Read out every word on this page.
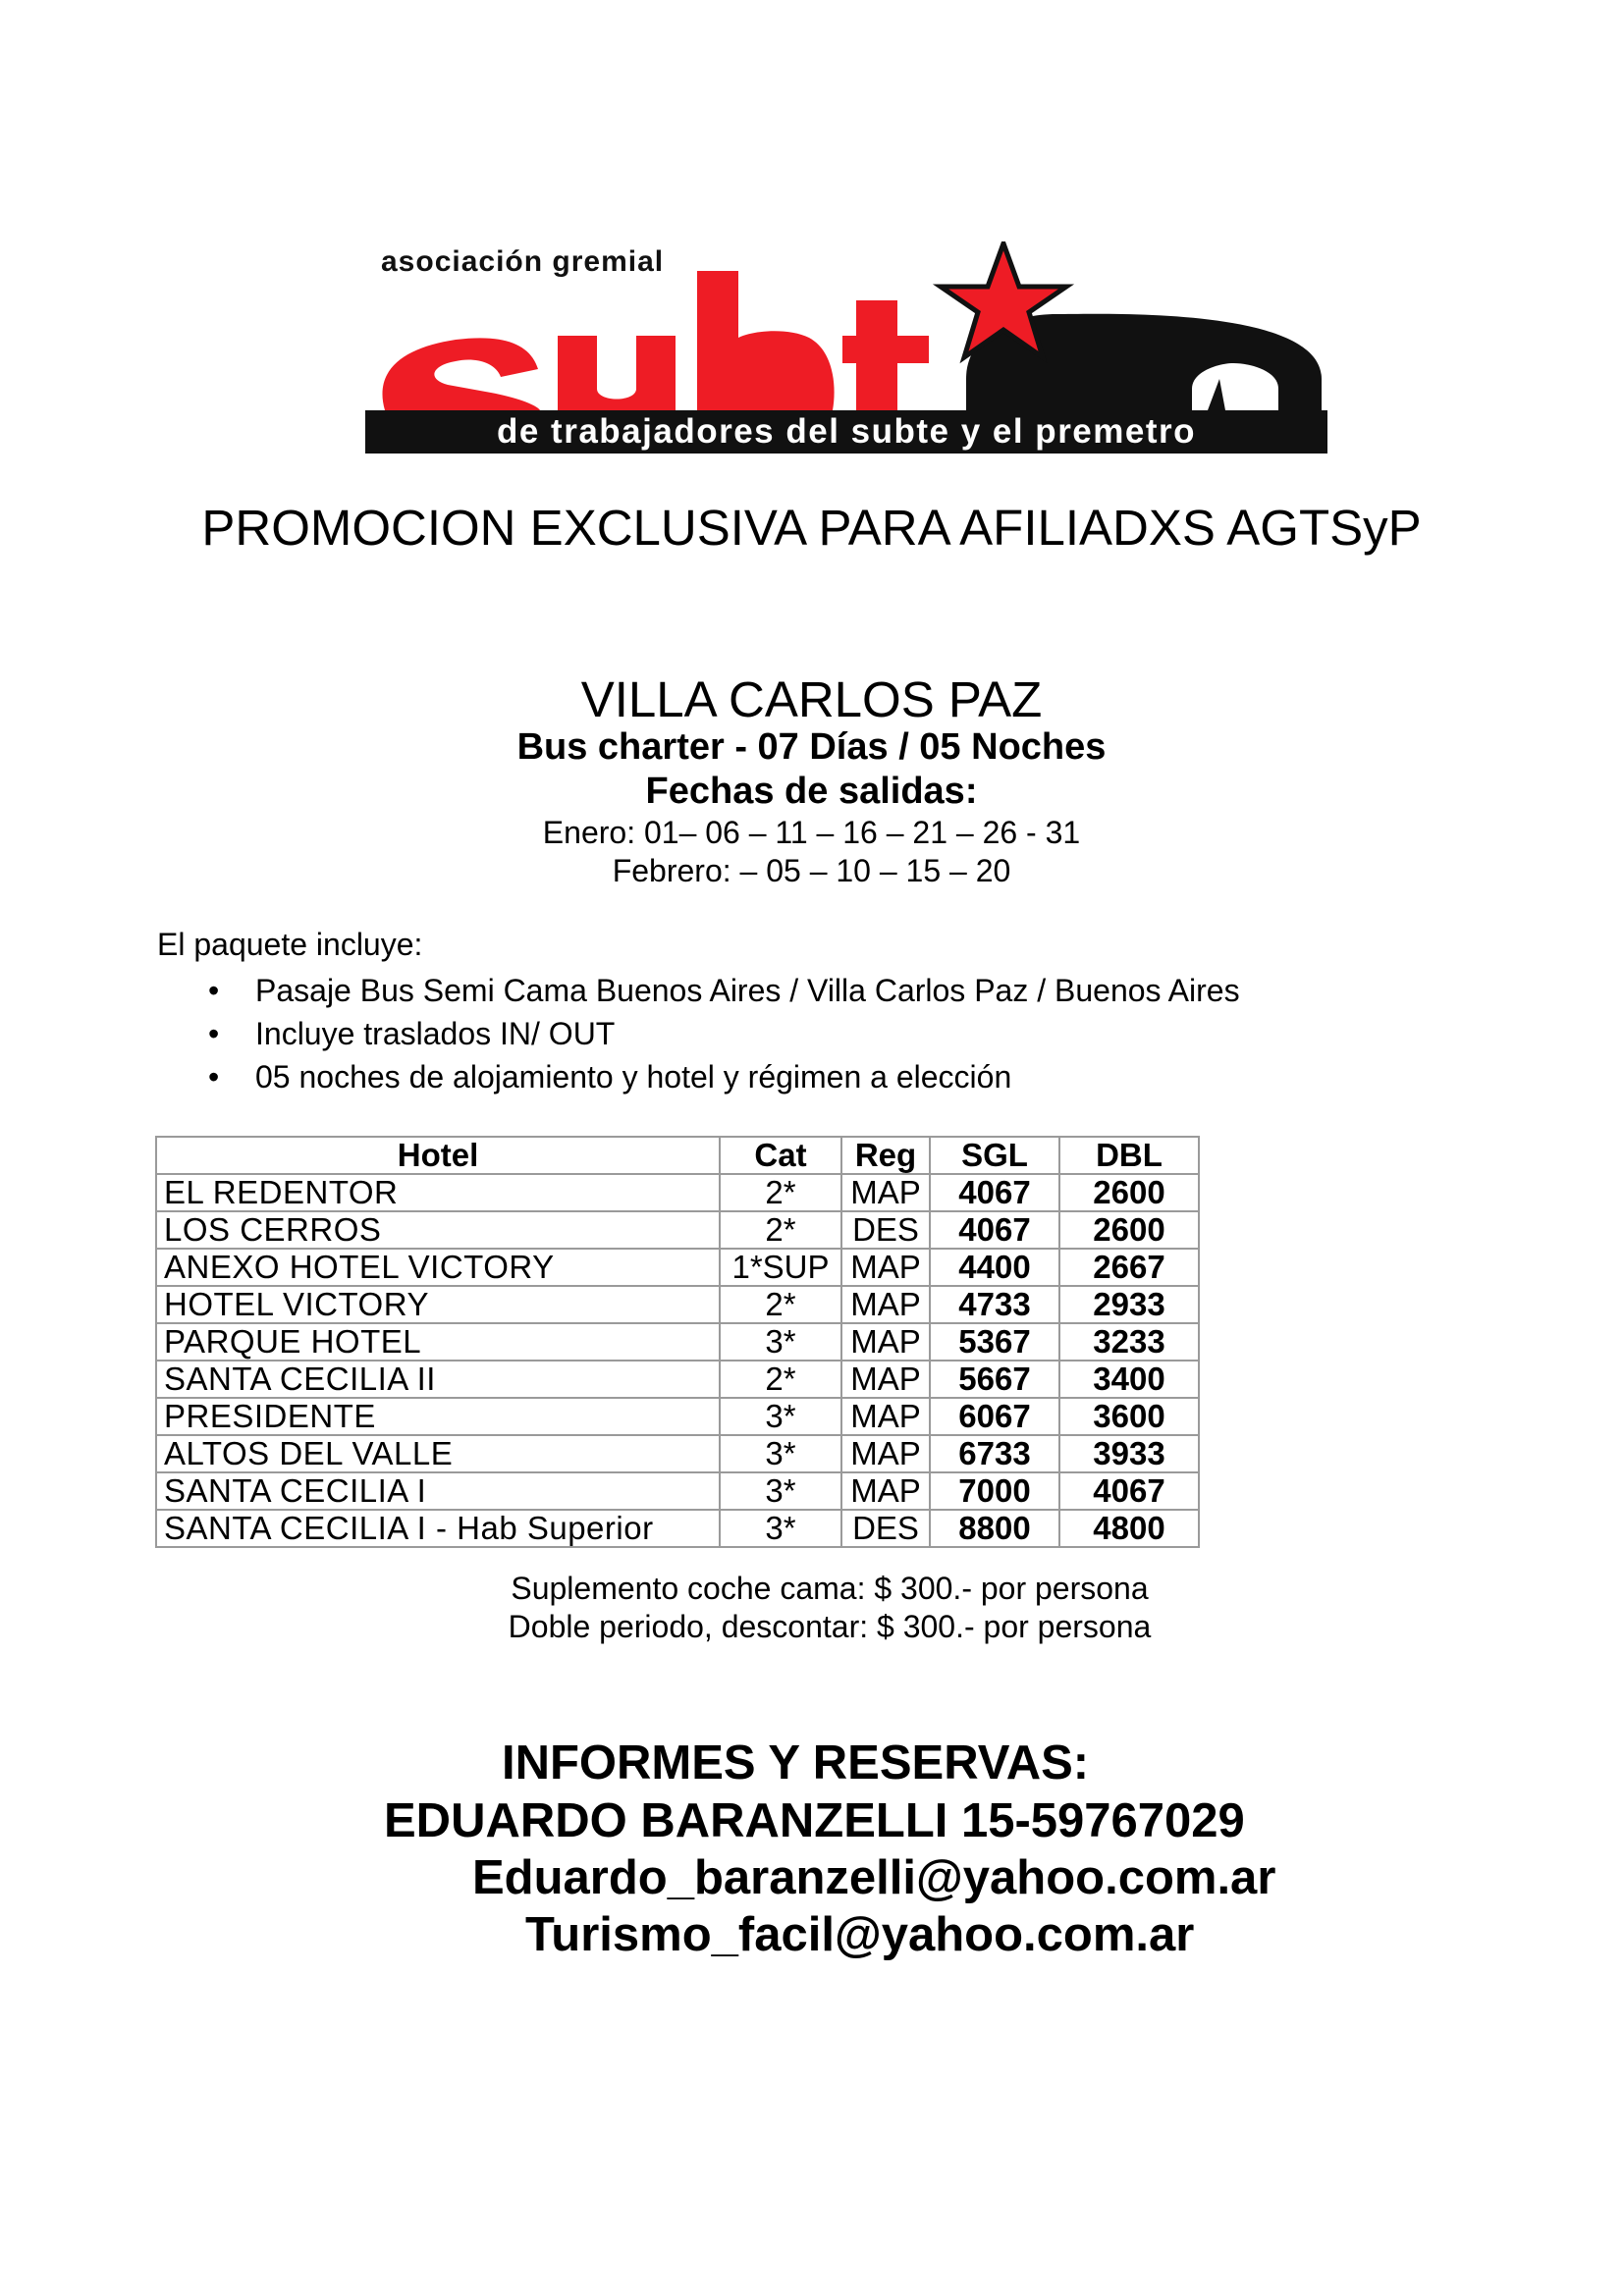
asociación gremial
de trabajadores del subte y el premetro
PROMOCION EXCLUSIVA PARA AFILIADXS AGTSyP
VILLA CARLOS PAZ
Bus charter - 07 Días / 05 Noches
Fechas de salidas:
Enero: 01– 06 – 11 – 16 – 21 – 26 - 31
Febrero: – 05 – 10 – 15 – 20
El paquete incluye:
• Pasaje Bus Semi Cama Buenos Aires / Villa Carlos Paz / Buenos Aires
• Incluye traslados IN/ OUT
• 05 noches de alojamiento y hotel y régimen a elección
Hotel	Cat	Reg	SGL	DBL
EL REDENTOR	2*	MAP	4067	2600
LOS CERROS	2*	DES	4067	2600
ANEXO HOTEL VICTORY	1*SUP	MAP	4400	2667
HOTEL VICTORY	2*	MAP	4733	2933
PARQUE HOTEL	3*	MAP	5367	3233
SANTA CECILIA II	2*	MAP	5667	3400
PRESIDENTE	3*	MAP	6067	3600
ALTOS DEL VALLE	3*	MAP	6733	3933
SANTA CECILIA I	3*	MAP	7000	4067
SANTA CECILIA I - Hab Superior	3*	DES	8800	4800
Suplemento coche cama: $ 300.- por persona
Doble periodo, descontar: $ 300.- por persona
INFORMES Y RESERVAS:
EDUARDO BARANZELLI 15-59767029
Eduardo_baranzelli@yahoo.com.ar
Turismo_facil@yahoo.com.ar
